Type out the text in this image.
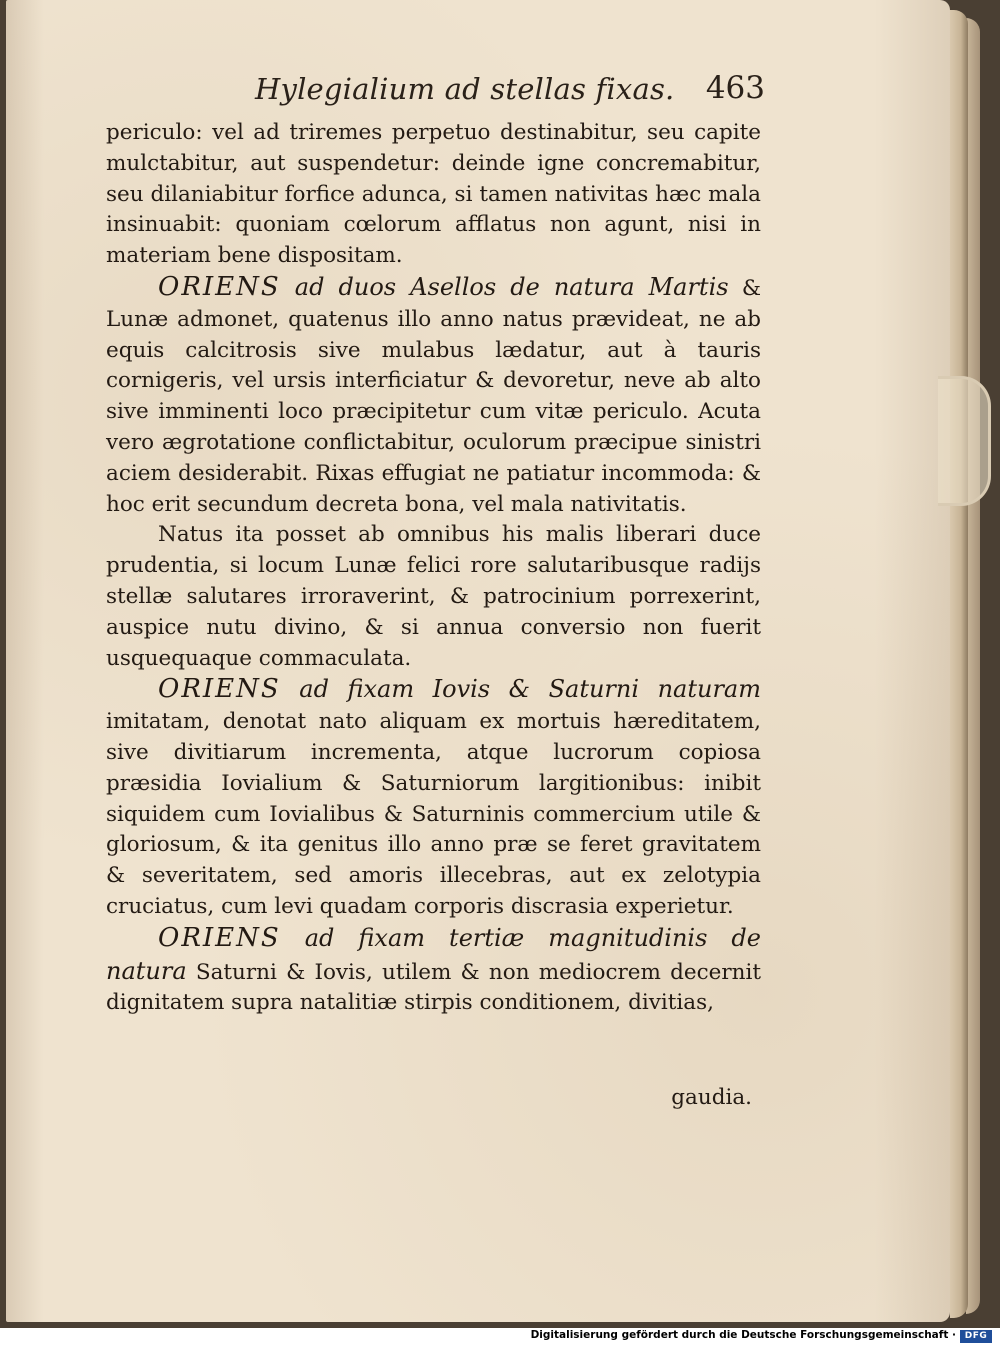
Hylegialium ad stellas fixas. 463

periculo: vel ad triremes perpetuo destinabitur, seu capite mulctabitur, aut suspendetur: deinde igne concremabitur, seu dilaniabitur forfice adunca, si tamen nativitas hæc mala insinuabit: quoniam cœlorum afflatus non agunt, nisi in materiam bene dispositam.

ORIENS ad duos Asellos de natura Martis & Lunæ admonet, quatenus illo anno natus prævideat, ne ab equis calcitrosis sive mulabus lædatur, aut à tauris cornigeris, vel ursis interficiatur & devoretur, neve ab alto sive imminenti loco præcipitetur cum vitæ periculo. Acuta vero ægrotatione conflictabitur, oculorum præcipue sinistri aciem desiderabit. Rixas effugiat ne patiatur incommoda: & hoc erit secundum decreta bona, vel mala nativitatis.

Natus ita posset ab omnibus his malis liberari duce prudentia, si locum Lunæ felici rore salutaribusque radijs stellæ salutares irroraverint, & patrocinium porrexerint, auspice nutu divino, & si annua conversio non fuerit usquequaque commaculata.

ORIENS ad fixam Iovis & Saturni naturam imitatam, denotat nato aliquam ex mortuis hæreditatem, sive divitiarum incrementa, atque lucrorum copiosa præsidia Iovialium & Saturniorum largitionibus: inibit siquidem cum Iovialibus & Saturninis commercium utile & gloriosum, & ita genitus illo anno præ se feret gravitatem & severitatem, sed amoris illecebras, aut ex zelotypia cruciatus, cum levi quadam corporis discrasia experietur.

ORIENS ad fixam tertiæ magnitudinis de natura Saturni & Iovis, utilem & non mediocrem decernit dignitatem supra natalitiæ stirpis conditionem, divitias,

gaudia.
Digitalisierung gefördert durch die Deutsche Forschungsgemeinschaft · DFG
